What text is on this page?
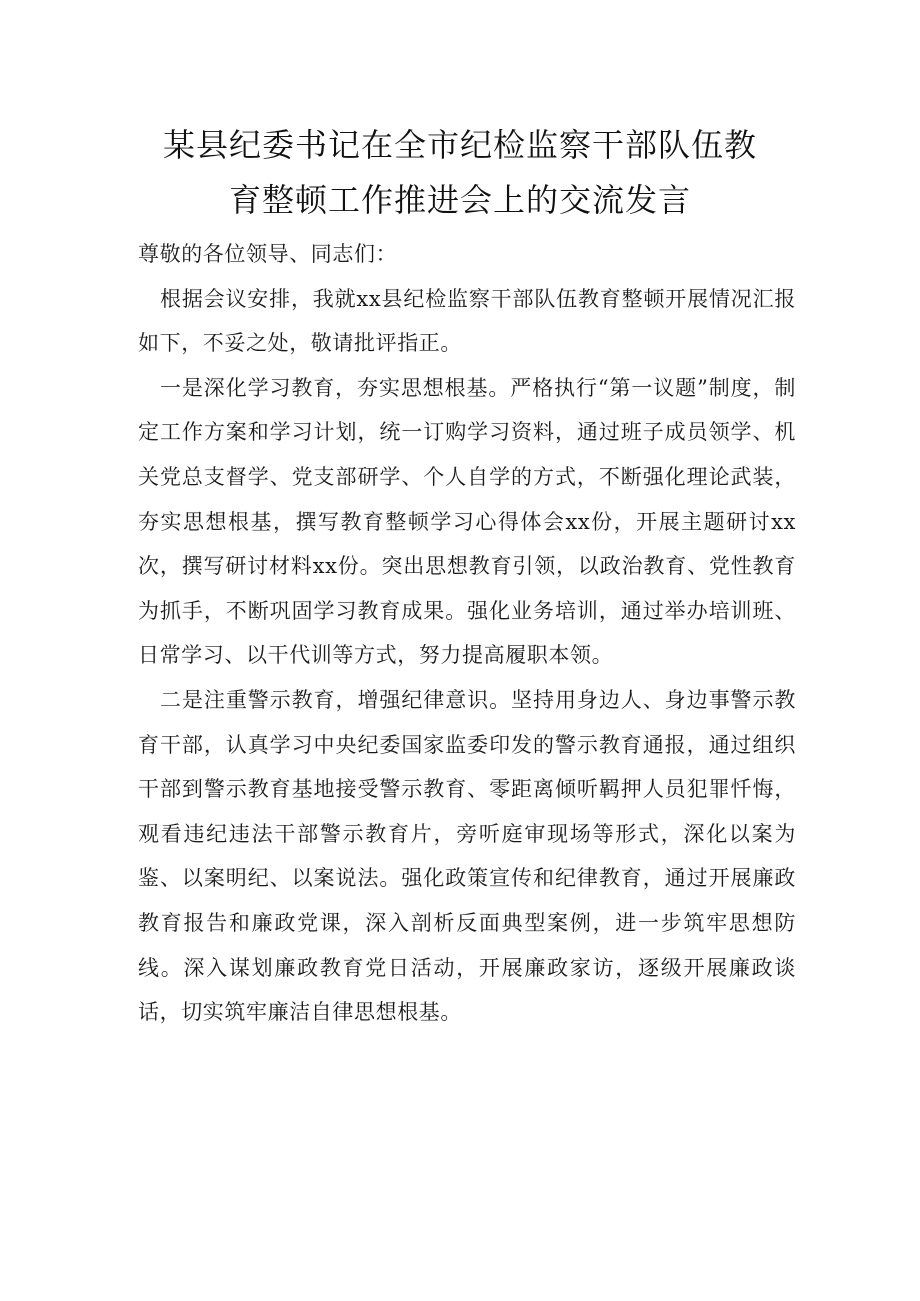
某县纪委书记在全市纪检监察干部队伍教
育整顿工作推进会上的交流发言

尊敬的各位领导、同志们：

根据会议安排，我就xx县纪检监察干部队伍教育整顿开展情况汇报如下，不妥之处，敬请批评指正。

一是深化学习教育，夯实思想根基。严格执行“第一议题”制度，制定工作方案和学习计划，统一订购学习资料，通过班子成员领学、机关党总支督学、党支部研学、个人自学的方式，不断强化理论武装，夯实思想根基，撰写教育整顿学习心得体会xx份，开展主题研讨xx次，撰写研讨材料xx份。突出思想教育引领，以政治教育、党性教育为抓手，不断巩固学习教育成果。强化业务培训，通过举办培训班、日常学习、以干代训等方式，努力提高履职本领。

二是注重警示教育，增强纪律意识。坚持用身边人、身边事警示教育干部，认真学习中央纪委国家监委印发的警示教育通报，通过组织干部到警示教育基地接受警示教育、零距离倾听羁押人员犯罪忏悔，观看违纪违法干部警示教育片，旁听庭审现场等形式，深化以案为鉴、以案明纪、以案说法。强化政策宣传和纪律教育，通过开展廉政教育报告和廉政党课，深入剖析反面典型案例，进一步筑牢思想防线。深入谋划廉政教育党日活动，开展廉政家访，逐级开展廉政谈话，切实筑牢廉洁自律思想根基。
